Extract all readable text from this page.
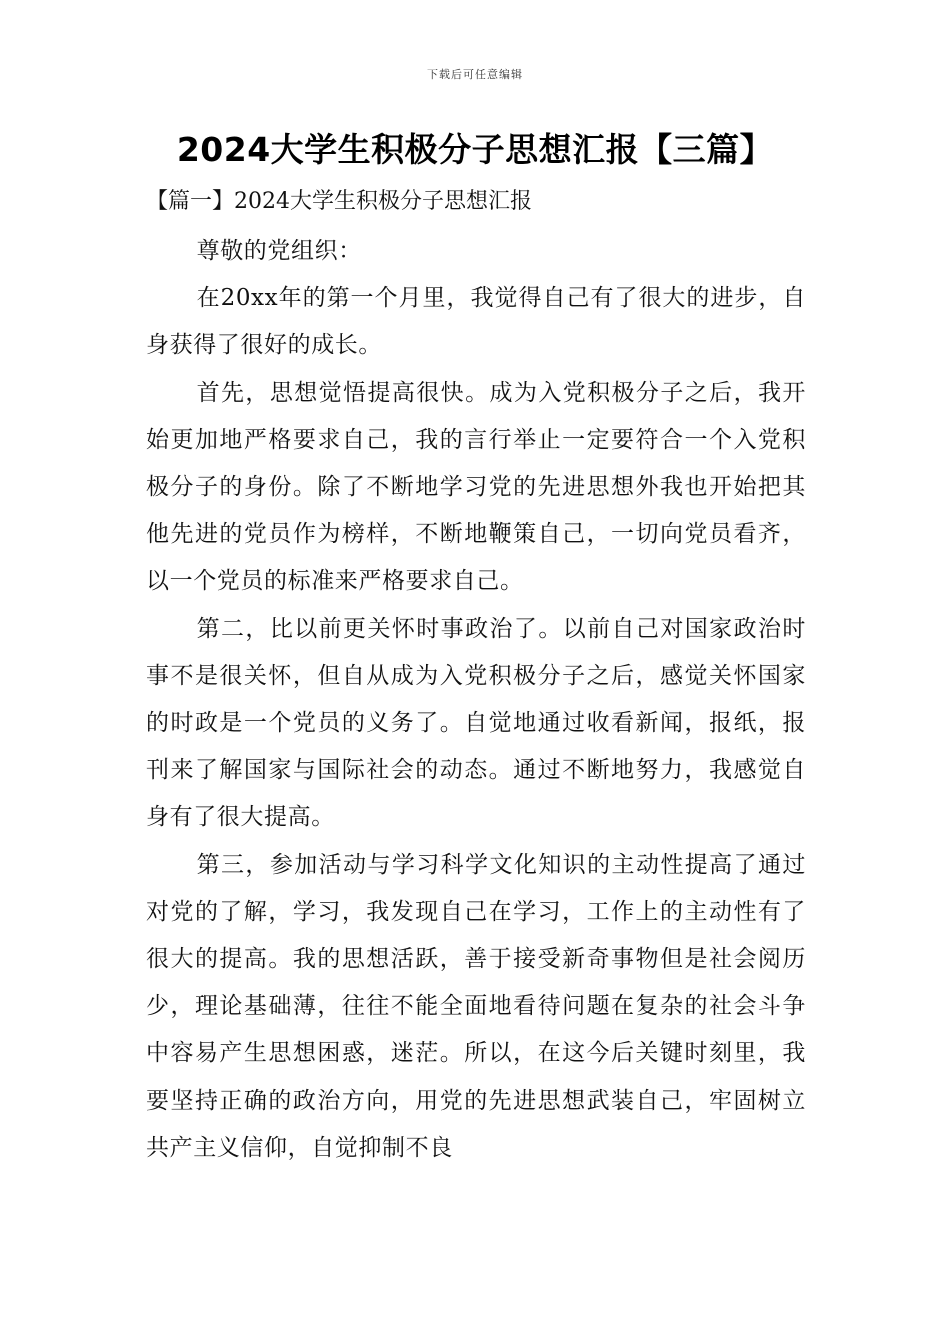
下载后可任意编辑
2024大学生积极分子思想汇报【三篇】
【篇一】2024大学生积极分子思想汇报

尊敬的党组织：

在20xx年的第一个月里，我觉得自己有了很大的进步，自身获得了很好的成长。

首先，思想觉悟提高很快。成为入党积极分子之后，我开始更加地严格要求自己，我的言行举止一定要符合一个入党积极分子的身份。除了不断地学习党的先进思想外我也开始把其他先进的党员作为榜样，不断地鞭策自己，一切向党员看齐，以一个党员的标准来严格要求自己。

第二，比以前更关怀时事政治了。以前自己对国家政治时事不是很关怀，但自从成为入党积极分子之后，感觉关怀国家的时政是一个党员的义务了。自觉地通过收看新闻，报纸，报刊来了解国家与国际社会的动态。通过不断地努力，我感觉自身有了很大提高。

第三，参加活动与学习科学文化知识的主动性提高了通过对党的了解，学习，我发现自己在学习，工作上的主动性有了很大的提高。我的思想活跃，善于接受新奇事物但是社会阅历少，理论基础薄，往往不能全面地看待问题在复杂的社会斗争中容易产生思想困惑，迷茫。所以，在这今后关键时刻里，我要坚持正确的政治方向，用党的先进思想武装自己，牢固树立共产主义信仰，自觉抑制不良
